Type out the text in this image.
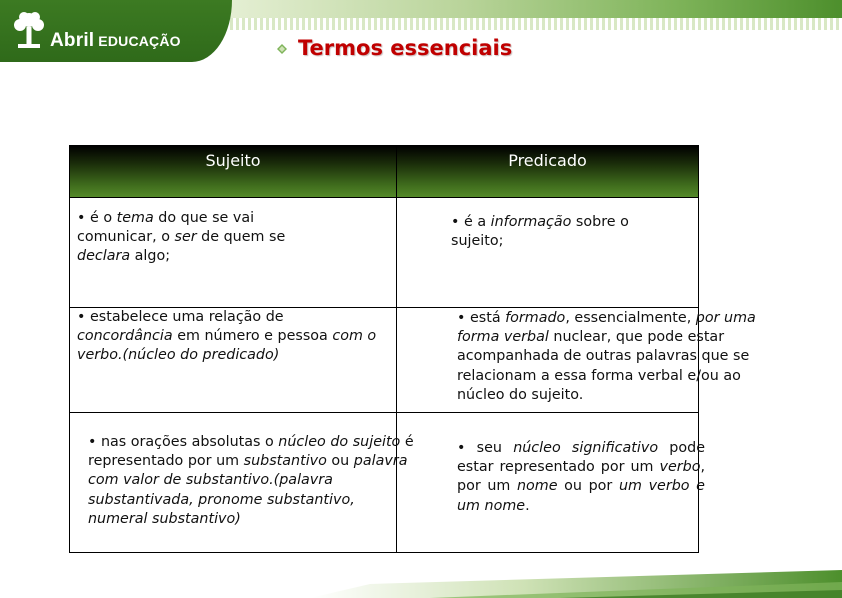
Abril EDUCAÇÃO	Termos essenciais
Sujeito	Predicado
• é o tema do que se vai comunicar, o ser de quem se declara algo;
• é a informação sobre o sujeito;
• estabelece uma relação de concordância em número e pessoa com o verbo.(núcleo do predicado)
• está formado, essencialmente, por uma forma verbal nuclear, que pode estar acompanhada de outras palavras que se relacionam a essa forma verbal e/ou ao núcleo do sujeito.
• nas orações absolutas o núcleo do sujeito é representado por um substantivo ou palavra com valor de substantivo.(palavra substantivada, pronome substantivo, numeral substantivo)
• seu núcleo significativo pode estar representado por um verbo, por um nome ou por um verbo e um nome.
